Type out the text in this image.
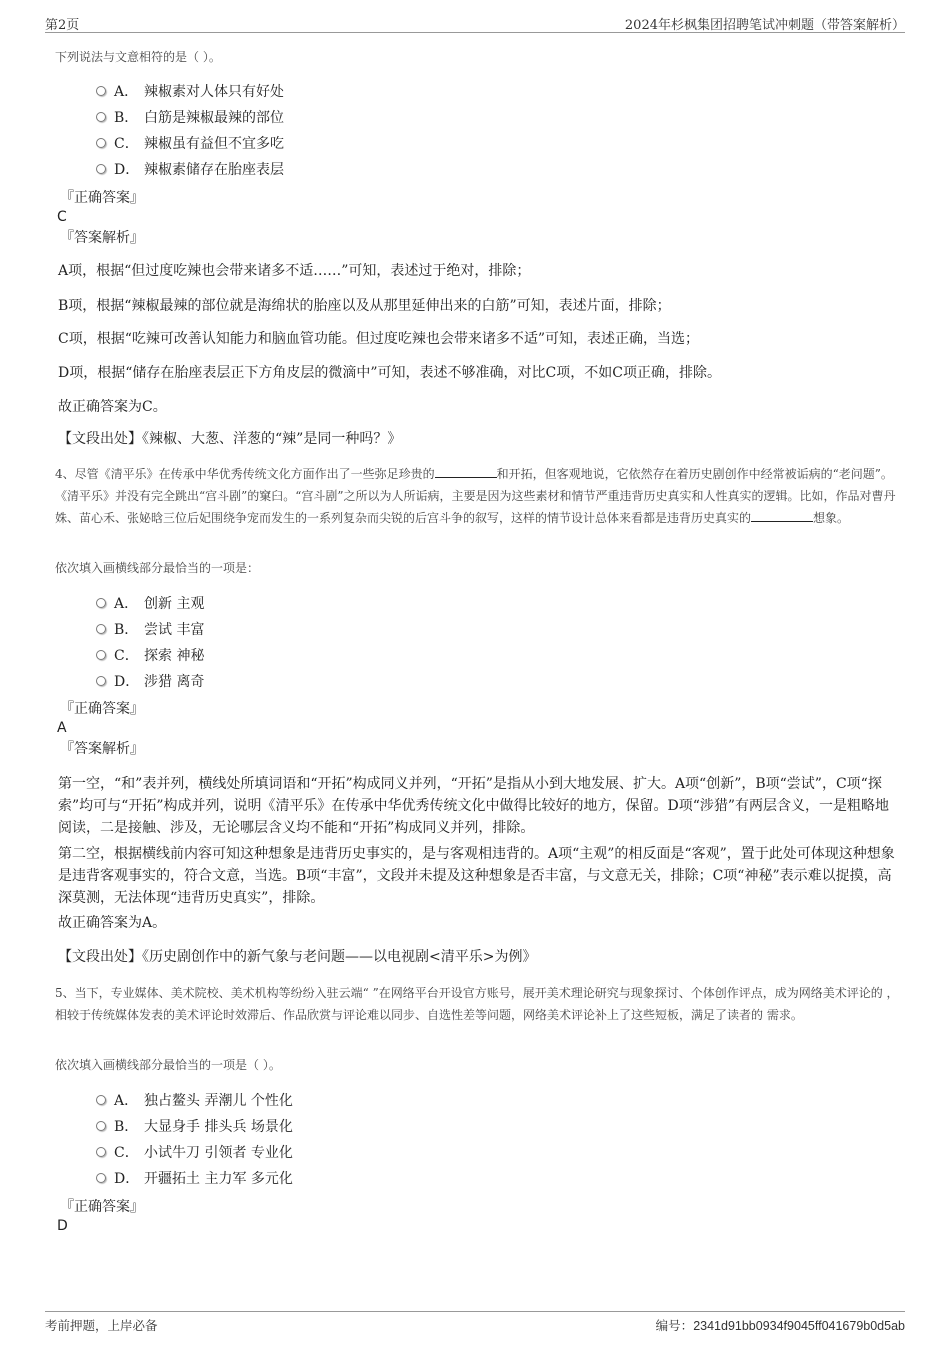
第2页	2024年杉枫集团招聘笔试冲刺题（带答案解析）
下列说法与文意相符的是（ ）。
A． 辣椒素对人体只有好处
B． 白筋是辣椒最辣的部位
C． 辣椒虽有益但不宜多吃
D． 辣椒素储存在胎座表层
『正确答案』
C
『答案解析』
A项，根据“但过度吃辣也会带来诸多不适……”可知，表述过于绝对，排除；
B项，根据“辣椒最辣的部位就是海绵状的胎座以及从那里延伸出来的白筋”可知，表述片面，排除；
C项，根据“吃辣可改善认知能力和脑血管功能。但过度吃辣也会带来诸多不适”可知，表述正确，当选；
D项，根据“储存在胎座表层正下方角皮层的微滴中”可知，表述不够准确，对比C项，不如C项正确，排除。
故正确答案为C。
【文段出处】《辣椒、大葱、洋葱的“辣”是同一种吗？》
4、尽管《清平乐》在传承中华优秀传统文化方面作出了一些弥足珍贵的	和开拓，但客观地说，它依然存在着历史剧创作中经常被诟病的“老问题”。《清平乐》并没有完全跳出“宫斗剧”的窠臼。“宫斗剧”之所以为人所诟病，主要是因为这些素材和情节严重违背历史真实和人性真实的逻辑。比如，作品对曹丹姝、苗心禾、张妼晗三位后妃围绕争宠而发生的一系列复杂而尖锐的后宫斗争的叙写，这样的情节设计总体来看都是违背历史真实的	想象。
依次填入画横线部分最恰当的一项是：
A． 创新 主观
B． 尝试 丰富
C． 探索 神秘
D． 涉猎 离奇
『正确答案』
A
『答案解析』
第一空，“和”表并列，横线处所填词语和“开拓”构成同义并列，“开拓”是指从小到大地发展、扩大。A项“创新”，B项“尝试”，C项“探索”均可与“开拓”构成并列，说明《清平乐》在传承中华优秀传统文化中做得比较好的地方，保留。D项“涉猎”有两层含义，一是粗略地阅读，二是接触、涉及，无论哪层含义均不能和“开拓”构成同义并列，排除。
第二空，根据横线前内容可知这种想象是违背历史事实的，是与客观相违背的。A项“主观”的相反面是“客观”，置于此处可体现这种想象是违背客观事实的，符合文意，当选。B项“丰富”，文段并未提及这种想象是否丰富，与文意无关，排除；C项“神秘”表示难以捉摸，高深莫测，无法体现“违背历史真实”，排除。
故正确答案为A。
【文段出处】《历史剧创作中的新气象与老问题——以电视剧<清平乐>为例》
5、当下，专业媒体、美术院校、美术机构等纷纷入驻云端“ ”在网络平台开设官方账号，展开美术理论研究与现象探讨、个体创作评点，成为网络美术评论的 ，相较于传统媒体发表的美术评论时效滞后、作品欣赏与评论难以同步、自选性差等问题，网络美术评论补上了这些短板，满足了读者的 需求。
依次填入画横线部分最恰当的一项是（ ）。
A． 独占鳌头 弄潮儿 个性化
B． 大显身手 排头兵 场景化
C． 小试牛刀 引领者 专业化
D． 开疆拓土 主力军 多元化
『正确答案』
D
考前押题，上岸必备	编号：2341d91bb0934f9045ff041679b0d5ab
